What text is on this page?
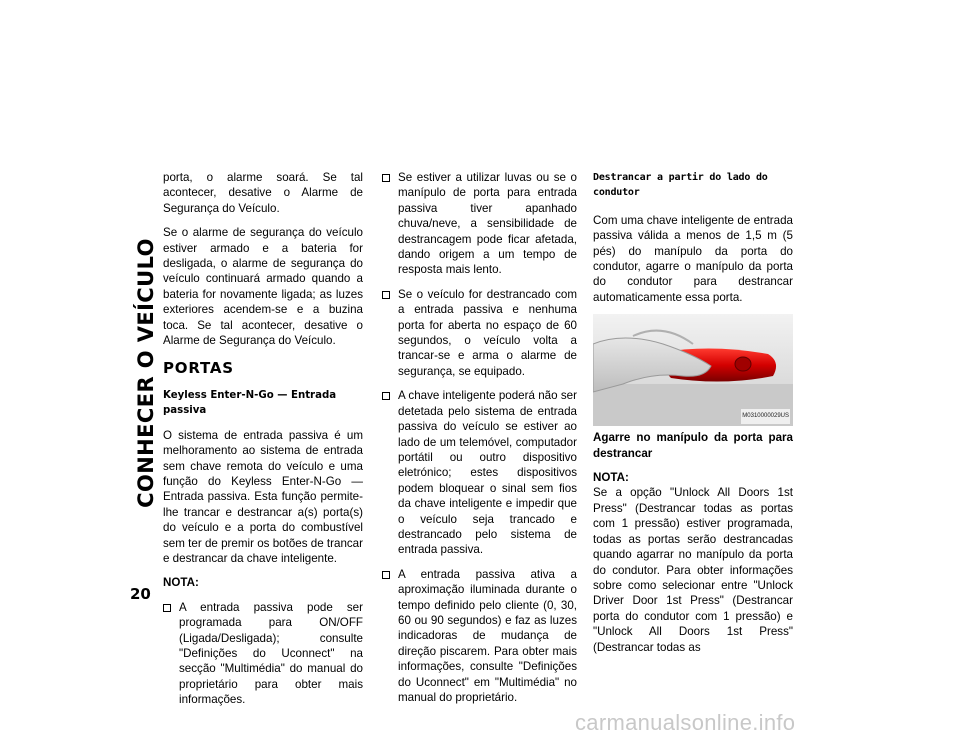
CONHECER O VEÍCULO
20

porta, o alarme soará. Se tal acontecer, desative o Alarme de Segurança do Veículo.

Se o alarme de segurança do veículo estiver armado e a bateria for desligada, o alarme de segurança do veículo continuará armado quando a bateria for novamente ligada; as luzes exteriores acendem-se e a buzina toca. Se tal acontecer, desative o Alarme de Segurança do Veículo.

PORTAS
Keyless Enter-N-Go — Entrada passiva

O sistema de entrada passiva é um melhoramento ao sistema de entrada sem chave remota do veículo e uma função do Keyless Enter-N-Go — Entrada passiva. Esta função permite-lhe trancar e destrancar a(s) porta(s) do veículo e a porta do combustível sem ter de premir os botões de trancar e destrancar da chave inteligente.

NOTA:

A entrada passiva pode ser programada para ON/OFF (Ligada/Desligada); consulte "Definições do Uconnect" na secção "Multimédia" do manual do proprietário para obter mais informações.
Se estiver a utilizar luvas ou se o manípulo de porta para entrada passiva tiver apanhado chuva/neve, a sensibilidade de destrancagem pode ficar afetada, dando origem a um tempo de resposta mais lento.
Se o veículo for destrancado com a entrada passiva e nenhuma porta for aberta no espaço de 60 segundos, o veículo volta a trancar-se e arma o alarme de segurança, se equipado.
A chave inteligente poderá não ser detetada pelo sistema de entrada passiva do veículo se estiver ao lado de um telemóvel, computador portátil ou outro dispositivo eletrónico; estes dispositivos podem bloquear o sinal sem fios da chave inteligente e impedir que o veículo seja trancado e destrancado pelo sistema de entrada passiva.
A entrada passiva ativa a aproximação iluminada durante o tempo definido pelo cliente (0, 30, 60 ou 90 segundos) e faz as luzes indicadoras de mudança de direção piscarem. Para obter mais informações, consulte "Definições do Uconnect" em "Multimédia" no manual do proprietário.
Destrancar a partir do lado do condutor

Com uma chave inteligente de entrada passiva válida a menos de 1,5 m (5 pés) do manípulo da porta do condutor, agarre o manípulo da porta do condutor para destrancar automaticamente essa porta.

M0310000029US

Agarre no manípulo da porta para destrancar

NOTA:

Se a opção "Unlock All Doors 1st Press" (Destrancar todas as portas com 1 pressão) estiver programada, todas as portas serão destrancadas quando agarrar no manípulo da porta do condutor. Para obter informações sobre como selecionar entre "Unlock Driver Door 1st Press" (Destrancar porta do condutor com 1 pressão) e "Unlock All Doors 1st Press" (Destrancar todas as

carmanualsonline.info
